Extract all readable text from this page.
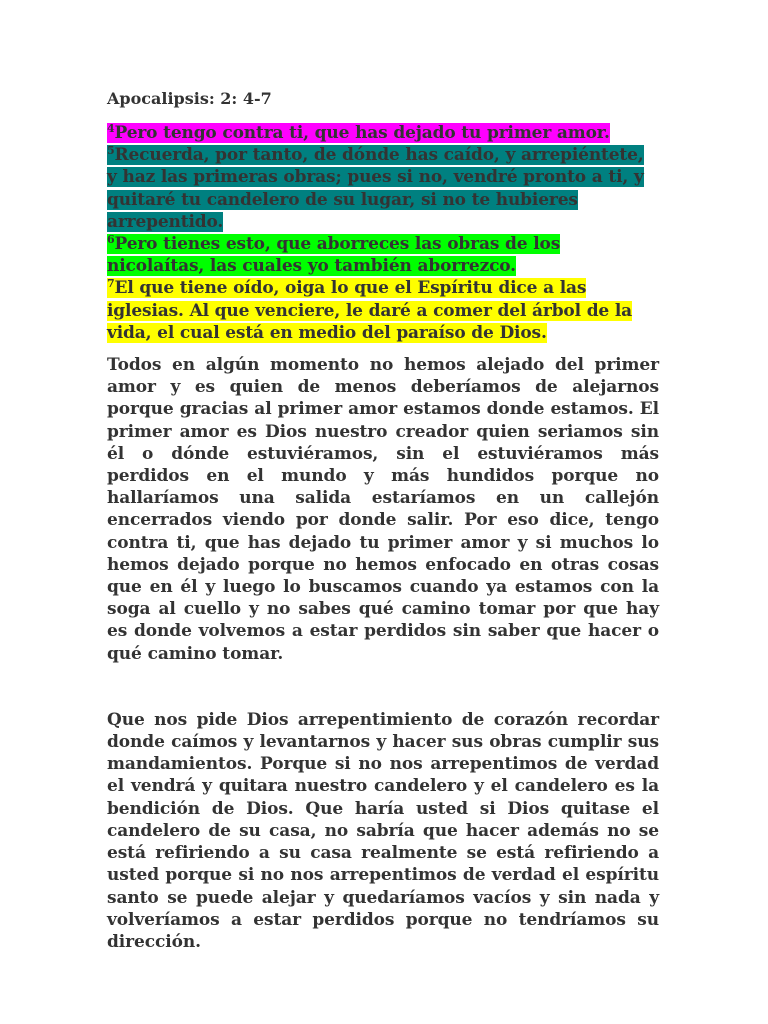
Apocalipsis: 2: 4-7
$^4$Pero tengo contra ti, que has dejado tu primer amor.
$^5$Recuerda, por tanto, de dónde has caído, y arrepiéntete, y haz las primeras obras; pues si no, vendré pronto a ti, y quitaré tu candelero de su lugar, si no te hubieres arrepentido.
$^6$Pero tienes esto, que aborreces las obras de los nicolaítas, las cuales yo también aborrezco.
$^7$El que tiene oído, oiga lo que el Espíritu dice a las iglesias. Al que venciere, le daré a comer del árbol de la vida, el cual está en medio del paraíso de Dios.

Todos en algún momento no hemos alejado del primer amor y es quien de menos deberíamos de alejarnos porque gracias al primer amor estamos donde estamos. El primer amor es Dios nuestro creador quien seriamos sin él o dónde estuviéramos, sin el estuviéramos más perdidos en el mundo y más hundidos porque no hallaríamos una salida estaríamos en un callejón encerrados viendo por donde salir. Por eso dice, tengo contra ti, que has dejado tu primer amor y si muchos lo hemos dejado porque no hemos enfocado en otras cosas que en él y luego lo buscamos cuando ya estamos con la soga al cuello y no sabes qué camino tomar por que hay es donde volvemos a estar perdidos sin saber que hacer o qué camino tomar.

Que nos pide Dios arrepentimiento de corazón recordar donde caímos y levantarnos y hacer sus obras cumplir sus mandamientos. Porque si no nos arrepentimos de verdad el vendrá y quitara nuestro candelero y el candelero es la bendición de Dios. Que haría usted si Dios quitase el candelero de su casa, no sabría que hacer además no se está refiriendo a su casa realmente se está refiriendo a usted porque si no nos arrepentimos de verdad el espíritu santo se puede alejar y quedaríamos vacíos y sin nada y volveríamos a estar perdidos porque no tendríamos su dirección.
